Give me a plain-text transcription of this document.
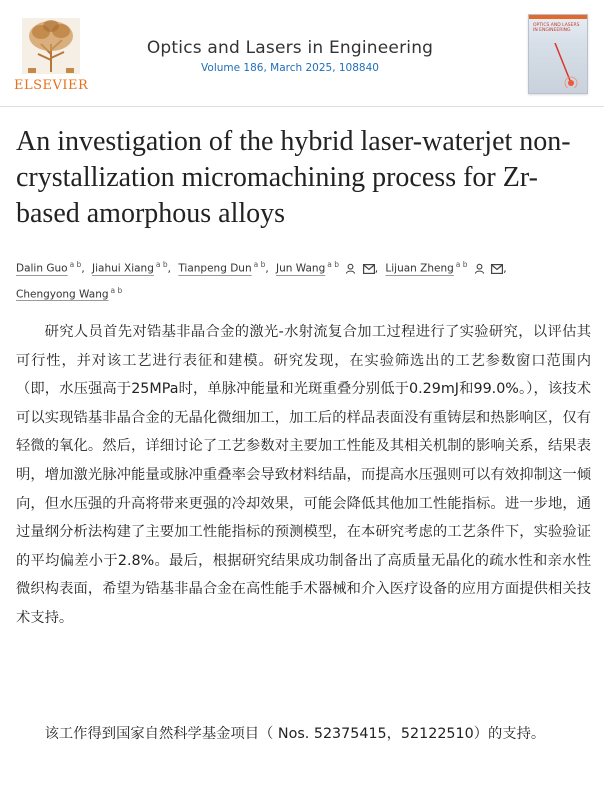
ELSEVIER
Optics and Lasers in Engineering
Volume 186, March 2025, 108840
OPTICS AND LASERS IN ENGINEERING
An investigation of the hybrid laser-waterjet non-crystallization micromachining process for Zr-based amorphous alloys
Dalin Guo $^{a b}$, Jiahui Xiang $^{a b}$, Tianpeng Dun $^{a b}$, Jun Wang $^{a b}$	, Lijuan Zheng $^{a b}$	,
Chengyong Wang $^{a b}$

研究人员首先对锆基非晶合金的激光-水射流复合加工过程进行了实验研究，以评估其可行性，并对该工艺进行表征和建模。研究发现，在实验筛选出的工艺参数窗口范围内（即，水压强高于25MPa时，单脉冲能量和光斑重叠分别低于0.29mJ和99.0%。），该技术可以实现锆基非晶合金的无晶化微细加工，加工后的样品表面没有重铸层和热影响区，仅有轻微的氧化。然后，详细讨论了工艺参数对主要加工性能及其相关机制的影响关系，结果表明，增加激光脉冲能量或脉冲重叠率会导致材料结晶，而提高水压强则可以有效抑制这一倾向，但水压强的升高将带来更强的冷却效果，可能会降低其他加工性能指标。进一步地，通过量纲分析法构建了主要加工性能指标的预测模型，在本研究考虑的工艺条件下，实验验证的平均偏差小于2.8%。最后，根据研究结果成功制备出了高质量无晶化的疏水性和亲水性微织构表面，希望为锆基非晶合金在高性能手术器械和介入医疗设备的应用方面提供相关技术支持。

该工作得到国家自然科学基金项目（ Nos. 52375415，52122510）的支持。
